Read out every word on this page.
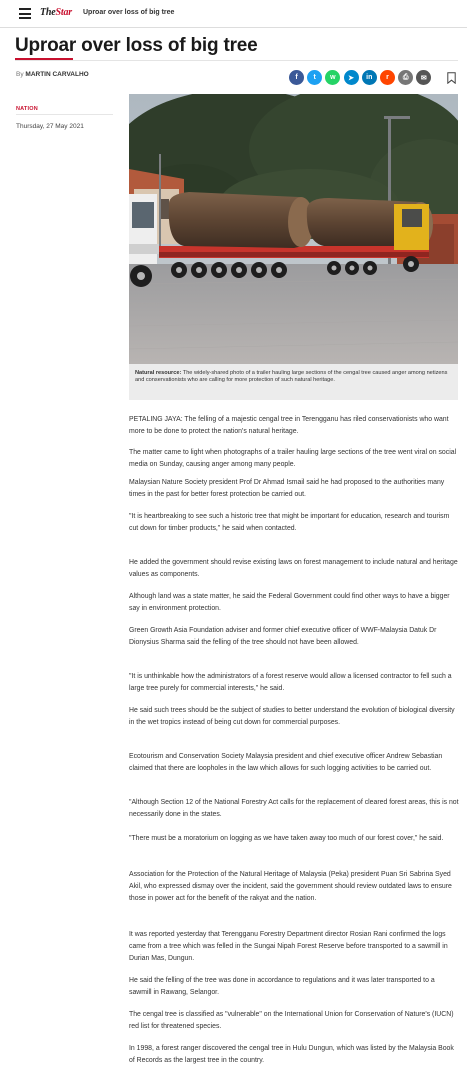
TheStar Uproar over loss of big tree
Uproar over loss of big tree
By MARTIN CARVALHO	f	t	w	➤	in	r	⎙	✉
NATION
Thursday, 27 May 2021
Natural resource: The widely-shared photo of a trailer hauling large sections of the cengal tree caused anger among netizens and conservationists who are calling for more protection of such natural heritage.

PETALING JAYA: The felling of a majestic cengal tree in Terengganu has riled conservationists who want more to be done to protect the nation's natural heritage.

The matter came to light when photographs of a trailer hauling large sections of the tree went viral on social media on Sunday, causing anger among many people.

Malaysian Nature Society president Prof Dr Ahmad Ismail said he had proposed to the authorities many times in the past for better forest protection be carried out.

"It is heartbreaking to see such a historic tree that might be important for education, research and tourism cut down for timber products," he said when contacted.

He added the government should revise existing laws on forest management to include natural and heritage values as components.

Although land was a state matter, he said the Federal Government could find other ways to have a bigger say in environment protection.

Green Growth Asia Foundation adviser and former chief executive officer of WWF-Malaysia Datuk Dr Dionysius Sharma said the felling of the tree should not have been allowed.

"It is unthinkable how the administrators of a forest reserve would allow a licensed contractor to fell such a large tree purely for commercial interests," he said.

He said such trees should be the subject of studies to better understand the evolution of biological diversity in the wet tropics instead of being cut down for commercial purposes.

Ecotourism and Conservation Society Malaysia president and chief executive officer Andrew Sebastian claimed that there are loopholes in the law which allows for such logging activities to be carried out.

"Although Section 12 of the National Forestry Act calls for the replacement of cleared forest areas, this is not necessarily done in the states.

"There must be a moratorium on logging as we have taken away too much of our forest cover," he said.

Association for the Protection of the Natural Heritage of Malaysia (Peka) president Puan Sri Sabrina Syed Akil, who expressed dismay over the incident, said the government should review outdated laws to ensure those in power act for the benefit of the rakyat and the nation.

It was reported yesterday that Terengganu Forestry Department director Rosian Rani confirmed the logs came from a tree which was felled in the Sungai Nipah Forest Reserve before transported to a sawmill in Durian Mas, Dungun.

He said the felling of the tree was done in accordance to regulations and it was later transported to a sawmill in Rawang, Selangor.

The cengal tree is classified as "vulnerable" on the International Union for Conservation of Nature's (IUCN) red list for threatened species.

In 1998, a forest ranger discovered the cengal tree in Hulu Dungun, which was listed by the Malaysia Book of Records as the largest tree in the country.
